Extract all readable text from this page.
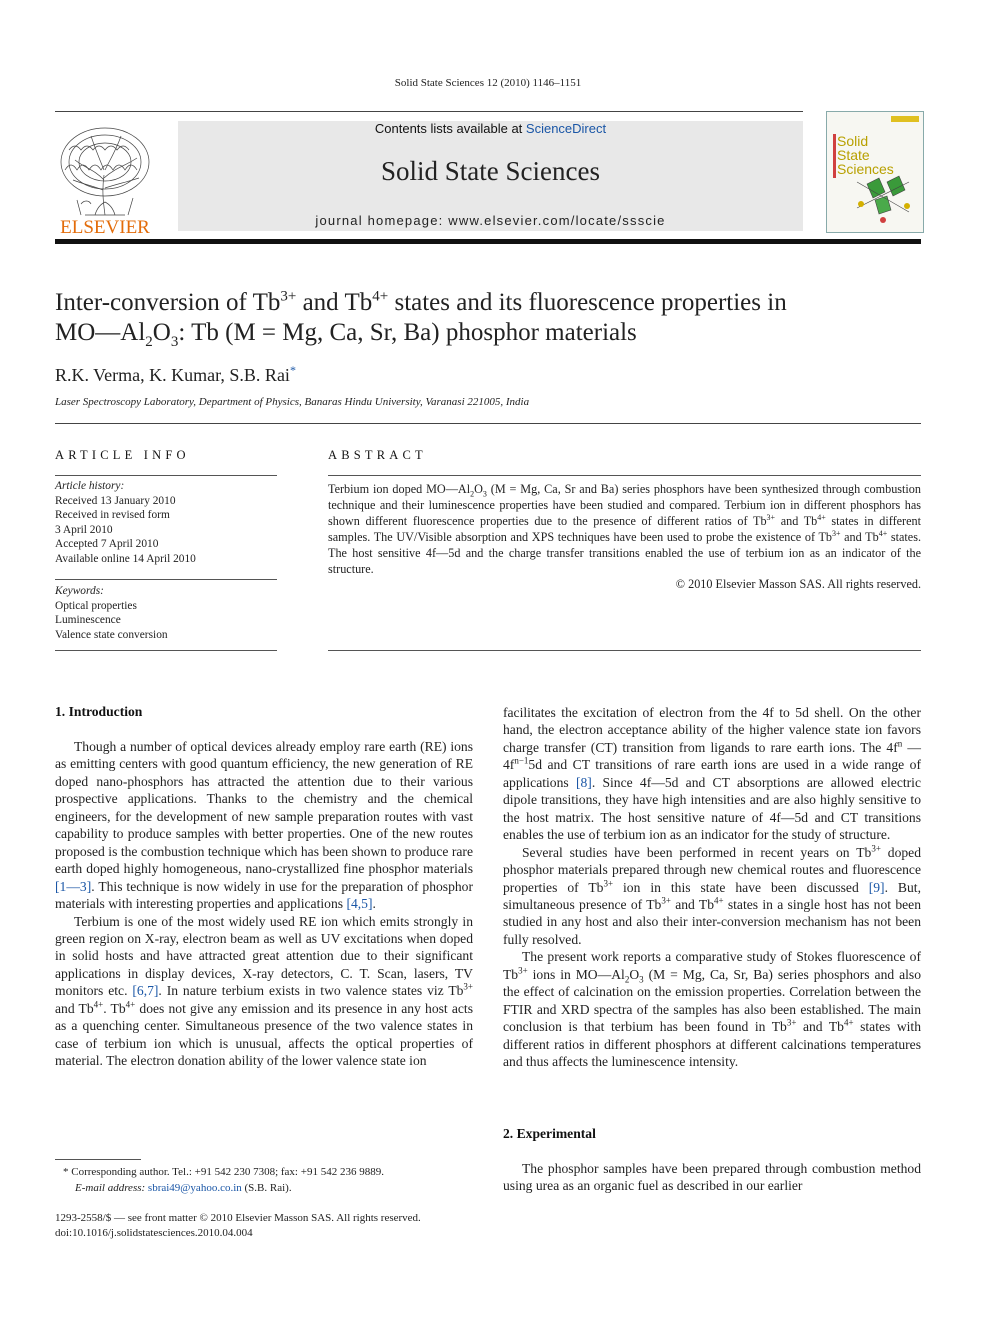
Solid State Sciences 12 (2010) 1146–1151
ELSEVIER
Contents lists available at ScienceDirect
Solid State Sciences
journal homepage: www.elsevier.com/locate/ssscie
Solid
State
Sciences
Inter-conversion of $Tb^{3+}$ and $Tb^{4+}$ states and its fluorescence properties in
$MO—Al_2O_3$: Tb (M = Mg, Ca, Sr, Ba) phosphor materials
R.K. Verma, K. Kumar, S.B. Rai*
Laser Spectroscopy Laboratory, Department of Physics, Banaras Hindu University, Varanasi 221005, India
ARTICLE INFO
Article history:
Received 13 January 2010
Received in revised form
3 April 2010
Accepted 7 April 2010
Available online 14 April 2010
Keywords:
Optical properties
Luminescence
Valence state conversion
ABSTRACT
Terbium ion doped $MO—Al_2O_3$ (M = Mg, Ca, Sr and Ba) series phosphors have been synthesized through combustion technique and their luminescence properties have been studied and compared. Terbium ion in different phosphors has shown different fluorescence properties due to the presence of different ratios of $Tb^{3+}$ and $Tb^{4+}$ states in different samples. The UV/Visible absorption and XPS techniques have been used to probe the existence of $Tb^{3+}$ and $Tb^{4+}$ states. The host sensitive 4f—5d and the charge transfer transitions enabled the use of terbium ion as an indicator of the structure.
© 2010 Elsevier Masson SAS. All rights reserved.
1. Introduction

Though a number of optical devices already employ rare earth (RE) ions as emitting centers with good quantum efficiency, the new generation of RE doped nano-phosphors has attracted the attention due to their various prospective applications. Thanks to the chemistry and the chemical engineers, for the development of new sample preparation routes with vast capability to produce samples with better properties. One of the new routes proposed is the combustion technique which has been shown to produce rare earth doped highly homogeneous, nano-crystallized fine phosphor materials [1—3]. This technique is now widely in use for the preparation of phosphor materials with interesting properties and applications [4,5].

Terbium is one of the most widely used RE ion which emits strongly in green region on X-ray, electron beam as well as UV excitations when doped in solid hosts and have attracted great attention due to their significant applications in display devices, X-ray detectors, C. T. Scan, lasers, TV monitors etc. [6,7]. In nature terbium exists in two valence states viz $Tb^{3+}$ and $Tb^{4+}$. $Tb^{4+}$ does not give any emission and its presence in any host acts as a quenching center. Simultaneous presence of the two valence states in case of terbium ion which is unusual, affects the optical properties of material. The electron donation ability of the lower valence state ion

facilitates the excitation of electron from the 4f to 5d shell. On the other hand, the electron acceptance ability of the higher valence state ion favors charge transfer (CT) transition from ligands to rare earth ions. The $4f^n$ — $4f^{n-1}5d$ and CT transitions of rare earth ions are used in a wide range of applications [8]. Since 4f—5d and CT absorptions are allowed electric dipole transitions, they have high intensities and are also highly sensitive to the host matrix. The host sensitive nature of 4f—5d and CT transitions enables the use of terbium ion as an indicator for the study of structure.

Several studies have been performed in recent years on $Tb^{3+}$ doped phosphor materials prepared through new chemical routes and fluorescence properties of $Tb^{3+}$ ion in this state have been discussed [9]. But, simultaneous presence of $Tb^{3+}$ and $Tb^{4+}$ states in a single host has not been studied in any host and also their inter-conversion mechanism has not been fully resolved.

The present work reports a comparative study of Stokes fluorescence of $Tb^{3+}$ ions in $MO—Al_2O_3$ (M = Mg, Ca, Sr, Ba) series phosphors and also the effect of calcination on the emission properties. Correlation between the FTIR and XRD spectra of the samples has also been established. The main conclusion is that terbium has been found in $Tb^{3+}$ and $Tb^{4+}$ states with different ratios in different phosphors at different calcinations temperatures and thus affects the luminescence intensity.

2. Experimental

The phosphor samples have been prepared through combustion method using urea as an organic fuel as described in our earlier

* Corresponding author. Tel.: +91 542 230 7308; fax: +91 542 236 9889.
E-mail address: sbrai49@yahoo.co.in (S.B. Rai).
1293-2558/$ — see front matter © 2010 Elsevier Masson SAS. All rights reserved.
doi:10.1016/j.solidstatesciences.2010.04.004
